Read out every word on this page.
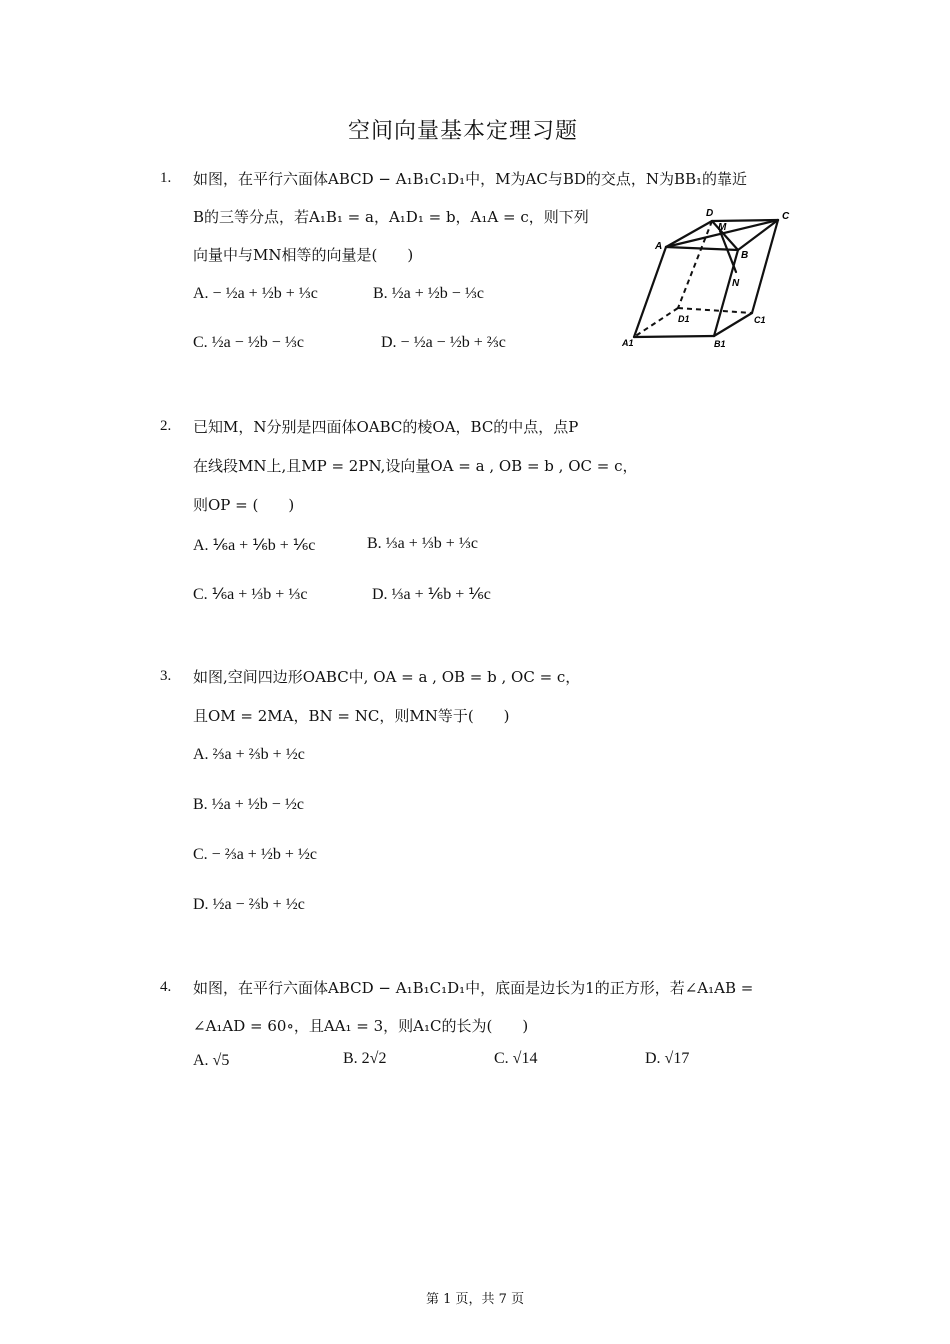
空间向量基本定理习题
1. 如图，在平行六面体ABCD − A₁B₁C₁D₁中，M为AC与BD的交点，N为BB₁的靠近
B的三等分点，若A₁B₁ = a，A₁D₁ = b，A₁A = c，则下列
向量中与MN相等的向量是(　　)
A. − ½a + ½b + ⅓c	B. ½a + ½b − ⅓c
C. ½a − ½b − ⅓c	D. − ½a − ½b + ⅔c
D
M
C
A
B
N
D1	C1
A1	B1
2. 已知M，N分别是四面体OABC的棱OA，BC的中点，点P
在线段MN上,且MP = 2PN,设向量OA = a , OB = b , OC = c，
则OP = (　　)
A. ⅙a + ⅙b + ⅙c	B. ⅓a + ⅓b + ⅓c
C. ⅙a + ⅓b + ⅓c	D. ⅓a + ⅙b + ⅙c
3. 如图,空间四边形OABC中, OA = a , OB = b , OC = c，
且OM = 2MA，BN = NC，则MN等于(　　)
A. ⅔a + ⅔b + ½c
B. ½a + ½b − ½c
C. − ⅔a + ½b + ½c
D. ½a − ⅔b + ½c
4. 如图，在平行六面体ABCD − A₁B₁C₁D₁中，底面是边长为1的正方形，若∠A₁AB =
∠A₁AD = 60∘，且AA₁ = 3，则A₁C的长为(　　)
A. √5	B. 2√2	C. √14	D. √17
第 1 页，共 7 页
